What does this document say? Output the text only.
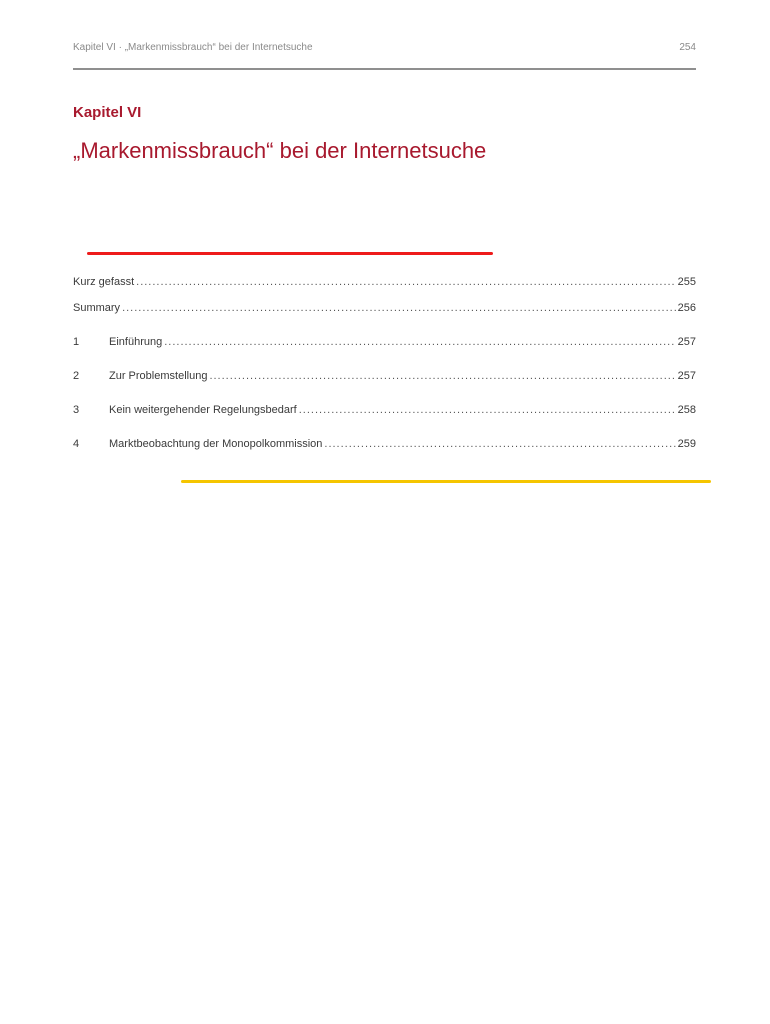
Kapitel VI · „Markenmissbrauch“ bei der Internetsuche	254
Kapitel VI
„Markenmissbrauch“ bei der Internetsuche
Kurz gefasst .....	255
Summary .....	256
1	Einführung .....	257
2	Zur Problemstellung .....	257
3	Kein weitergehender Regelungsbedarf .....	258
4	Marktbeobachtung der Monopolkommission .....	259
